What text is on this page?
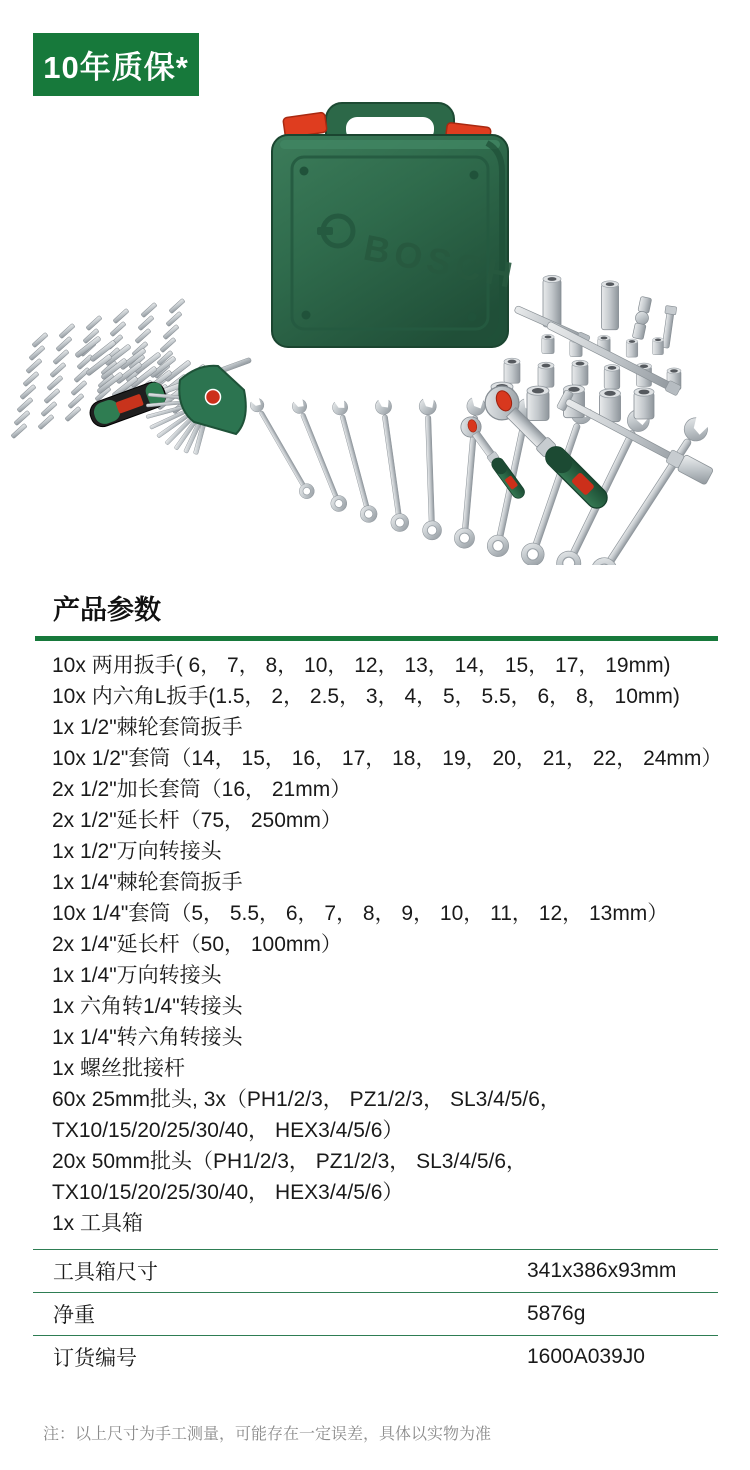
10年质保*
BOSCH
产品参数
10x 两用扳手( 6， 7， 8， 10， 12， 13， 14， 15， 17， 19mm)
10x 内六角L扳手(1.5， 2， 2.5， 3， 4， 5， 5.5， 6， 8， 10mm)
1x 1/2"棘轮套筒扳手
10x 1/2"套筒（14， 15， 16， 17， 18， 19， 20， 21， 22， 24mm）
2x 1/2"加长套筒（16， 21mm）
2x 1/2"延长杆（75， 250mm）
1x 1/2"万向转接头
1x 1/4"棘轮套筒扳手
10x 1/4"套筒（5， 5.5， 6， 7， 8， 9， 10， 11， 12， 13mm）
2x 1/4"延长杆（50， 100mm）
1x 1/4"万向转接头
1x 六角转1/4"转接头
1x 1/4"转六角转接头
1x 螺丝批接杆
60x 25mm批头, 3x（PH1/2/3， PZ1/2/3， SL3/4/5/6，
TX10/15/20/25/30/40， HEX3/4/5/6）
20x 50mm批头（PH1/2/3， PZ1/2/3， SL3/4/5/6，
TX10/15/20/25/30/40， HEX3/4/5/6）
1x 工具箱
工具箱尺寸	341x386x93mm
净重	5876g
订货编号	1600A039J0
注：以上尺寸为手工测量，可能存在一定误差，具体以实物为准
